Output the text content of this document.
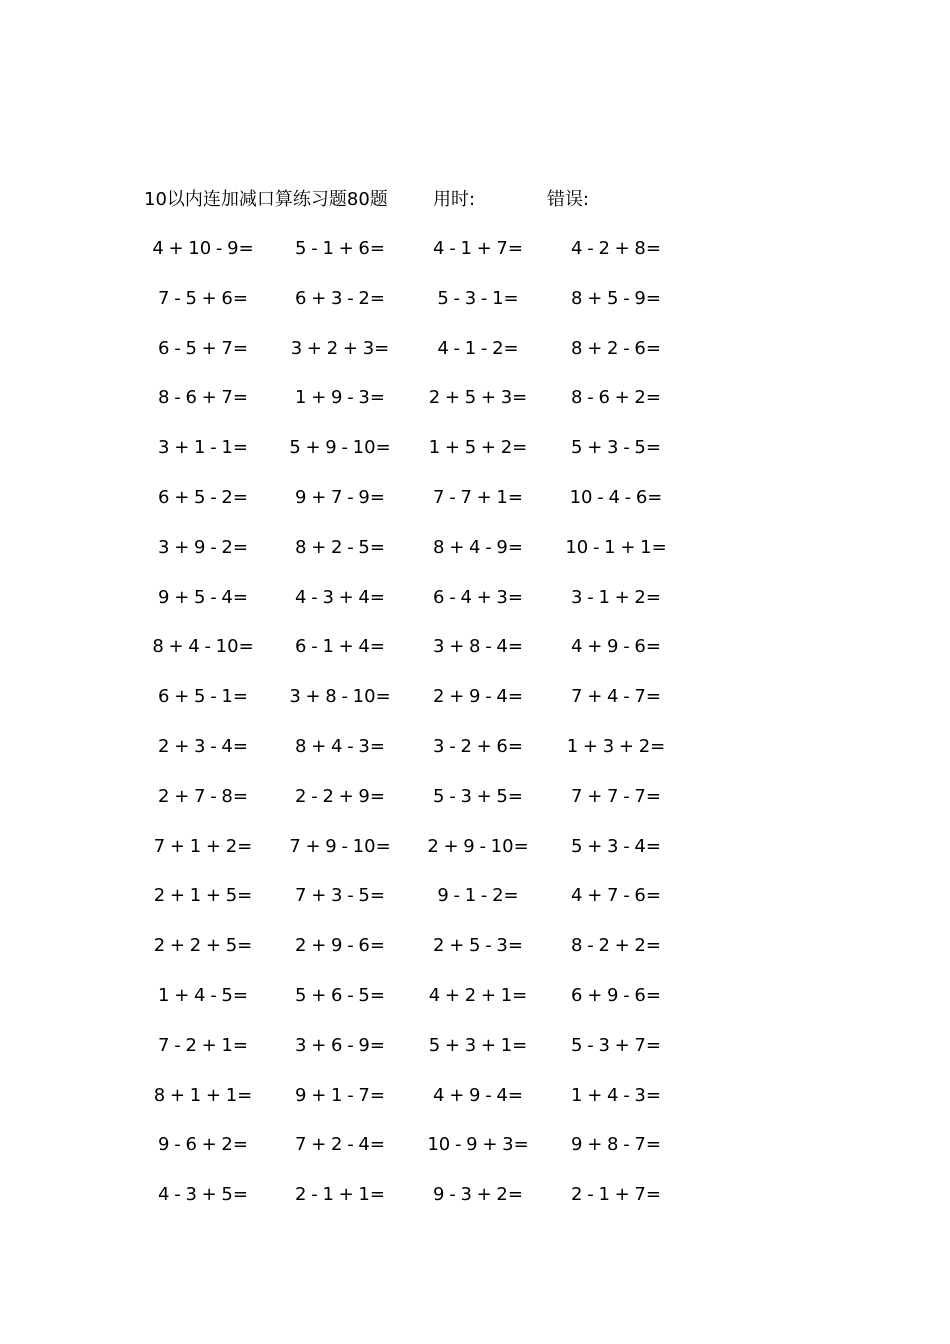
10以内连加减口算练习题80题	用时:	错误:
4 + 10 - 9=	5 - 1 + 6=	4 - 1 + 7=	4 - 2 + 8=
7 - 5 + 6=	6 + 3 - 2=	5 - 3 - 1=	8 + 5 - 9=
6 - 5 + 7=	3 + 2 + 3=	4 - 1 - 2=	8 + 2 - 6=
8 - 6 + 7=	1 + 9 - 3=	2 + 5 + 3=	8 - 6 + 2=
3 + 1 - 1=	5 + 9 - 10=	1 + 5 + 2=	5 + 3 - 5=
6 + 5 - 2=	9 + 7 - 9=	7 - 7 + 1=	10 - 4 - 6=
3 + 9 - 2=	8 + 2 - 5=	8 + 4 - 9=	10 - 1 + 1=
9 + 5 - 4=	4 - 3 + 4=	6 - 4 + 3=	3 - 1 + 2=
8 + 4 - 10=	6 - 1 + 4=	3 + 8 - 4=	4 + 9 - 6=
6 + 5 - 1=	3 + 8 - 10=	2 + 9 - 4=	7 + 4 - 7=
2 + 3 - 4=	8 + 4 - 3=	3 - 2 + 6=	1 + 3 + 2=
2 + 7 - 8=	2 - 2 + 9=	5 - 3 + 5=	7 + 7 - 7=
7 + 1 + 2=	7 + 9 - 10=	2 + 9 - 10=	5 + 3 - 4=
2 + 1 + 5=	7 + 3 - 5=	9 - 1 - 2=	4 + 7 - 6=
2 + 2 + 5=	2 + 9 - 6=	2 + 5 - 3=	8 - 2 + 2=
1 + 4 - 5=	5 + 6 - 5=	4 + 2 + 1=	6 + 9 - 6=
7 - 2 + 1=	3 + 6 - 9=	5 + 3 + 1=	5 - 3 + 7=
8 + 1 + 1=	9 + 1 - 7=	4 + 9 - 4=	1 + 4 - 3=
9 - 6 + 2=	7 + 2 - 4=	10 - 9 + 3=	9 + 8 - 7=
4 - 3 + 5=	2 - 1 + 1=	9 - 3 + 2=	2 - 1 + 7=
